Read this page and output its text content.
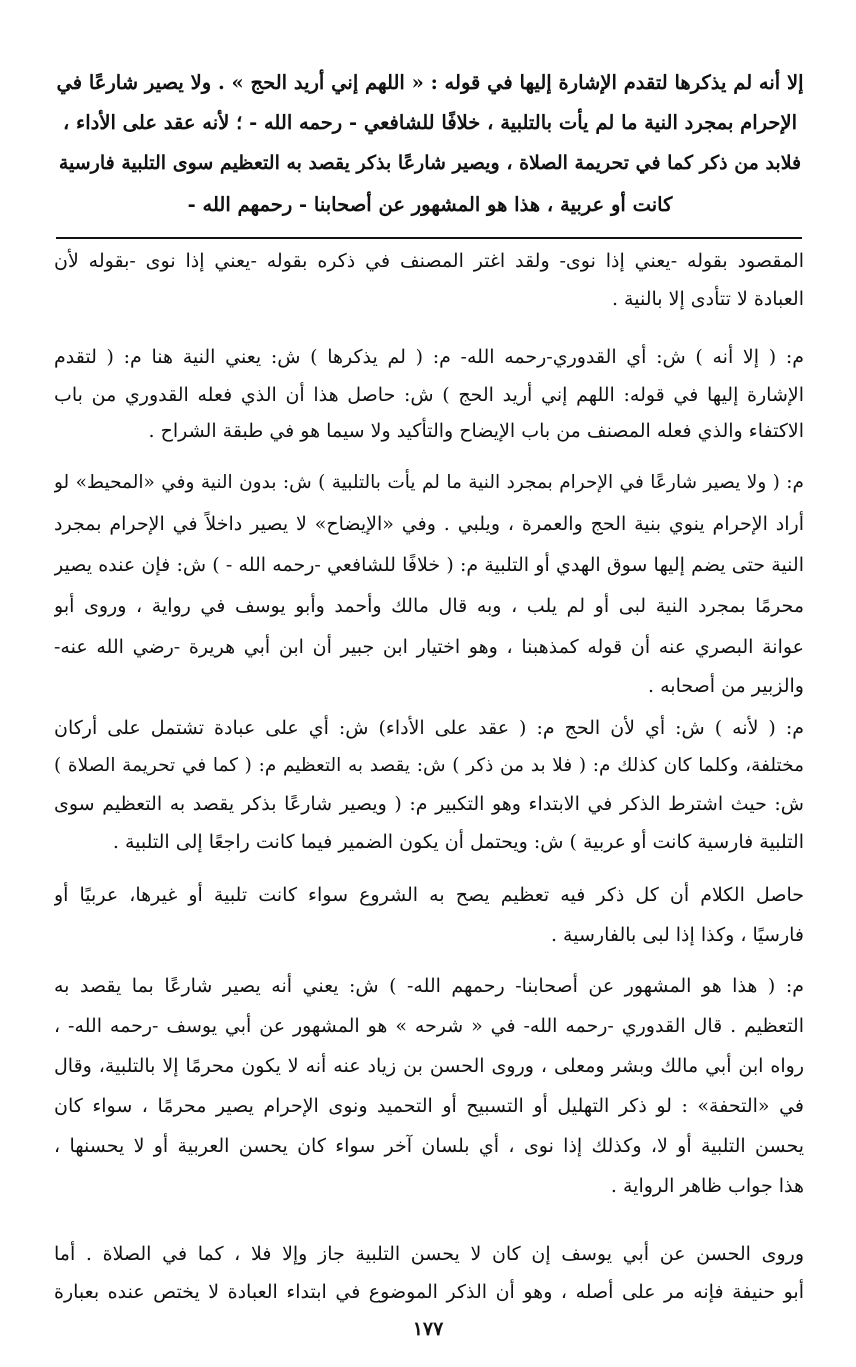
إلا أنه لم يذكرها لتقدم الإشارة إليها في قوله : « اللهم إني أريد الحج » . ولا يصير شارعًا في
الإحرام بمجرد النية ما لم يأت بالتلبية ، خلافًا للشافعي - رحمه الله - ؛ لأنه عقد على الأداء ،
فلابد من ذكر كما في تحريمة الصلاة ، ويصير شارعًا بذكر يقصد به التعظيم سوى التلبية فارسية
كانت أو عربية ، هذا هو المشهور عن أصحابنا - رحمهم الله -
المقصود بقوله -يعني إذا نوى- ولقد اغتر المصنف في ذكره بقوله -يعني إذا نوى -بقوله لأن
العبادة لا تتأدى إلا بالنية .
م: ( إلا أنه ) ش: أي القدوري-رحمه الله- م: ( لم يذكرها ) ش: يعني النية هنا م: ( لتقدم
الإشارة إليها في قوله: اللهم إني أريد الحج ) ش: حاصل هذا أن الذي فعله القدوري من باب
الاكتفاء والذي فعله المصنف من باب الإيضاح والتأكيد ولا سيما هو في طبقة الشراح .
م: ( ولا يصير شارعًا في الإحرام بمجرد النية ما لم يأت بالتلبية ) ش: بدون النية وفي «المحيط» لو
أراد الإحرام ينوي بنية الحج والعمرة ، ويلبي . وفي «الإيضاح» لا يصير داخلاً في الإحرام بمجرد
النية حتى يضم إليها سوق الهدي أو التلبية م: ( خلافًا للشافعي -رحمه الله - ) ش: فإن عنده يصير
محرمًا بمجرد النية لبى أو لم يلب ، وبه قال مالك وأحمد وأبو يوسف في رواية ، وروى أبو
عوانة البصري عنه أن قوله كمذهبنا ، وهو اختيار ابن جبير أن ابن أبي هريرة -رضي الله عنه-
والزبير من أصحابه .
م: ( لأنه ) ش: أي لأن الحج م: ( عقد على الأداء) ش: أي على عبادة تشتمل على أركان
مختلفة، وكلما كان كذلك م: ( فلا بد من ذكر ) ش: يقصد به التعظيم م: ( كما في تحريمة الصلاة )
ش: حيث اشترط الذكر في الابتداء وهو التكبير م: ( ويصير شارعًا بذكر يقصد به التعظيم سوى
التلبية فارسية كانت أو عربية ) ش: ويحتمل أن يكون الضمير فيما كانت راجعًا إلى التلبية .
حاصل الكلام أن كل ذكر فيه تعظيم يصح به الشروع سواء كانت تلبية أو غيرها، عربيًا أو
فارسيًا ، وكذا إذا لبى بالفارسية .
م: ( هذا هو المشهور عن أصحابنا- رحمهم الله- ) ش: يعني أنه يصير شارعًا بما يقصد به
التعظيم . قال القدوري -رحمه الله- في « شرحه » هو المشهور عن أبي يوسف -رحمه الله- ،
رواه ابن أبي مالك وبشر ومعلى ، وروى الحسن بن زياد عنه أنه لا يكون محرمًا إلا بالتلبية، وقال
في «التحفة» : لو ذكر التهليل أو التسبيح أو التحميد ونوى الإحرام يصير محرمًا ، سواء كان
يحسن التلبية أو لا، وكذلك إذا نوى ، أي بلسان آخر سواء كان يحسن العربية أو لا يحسنها ،
هذا جواب ظاهر الرواية .
وروى الحسن عن أبي يوسف إن كان لا يحسن التلبية جاز وإلا فلا ، كما في الصلاة . أما
أبو حنيفة فإنه مر على أصله ، وهو أن الذكر الموضوع في ابتداء العبادة لا يختص عنده بعبارة
١٧٧
